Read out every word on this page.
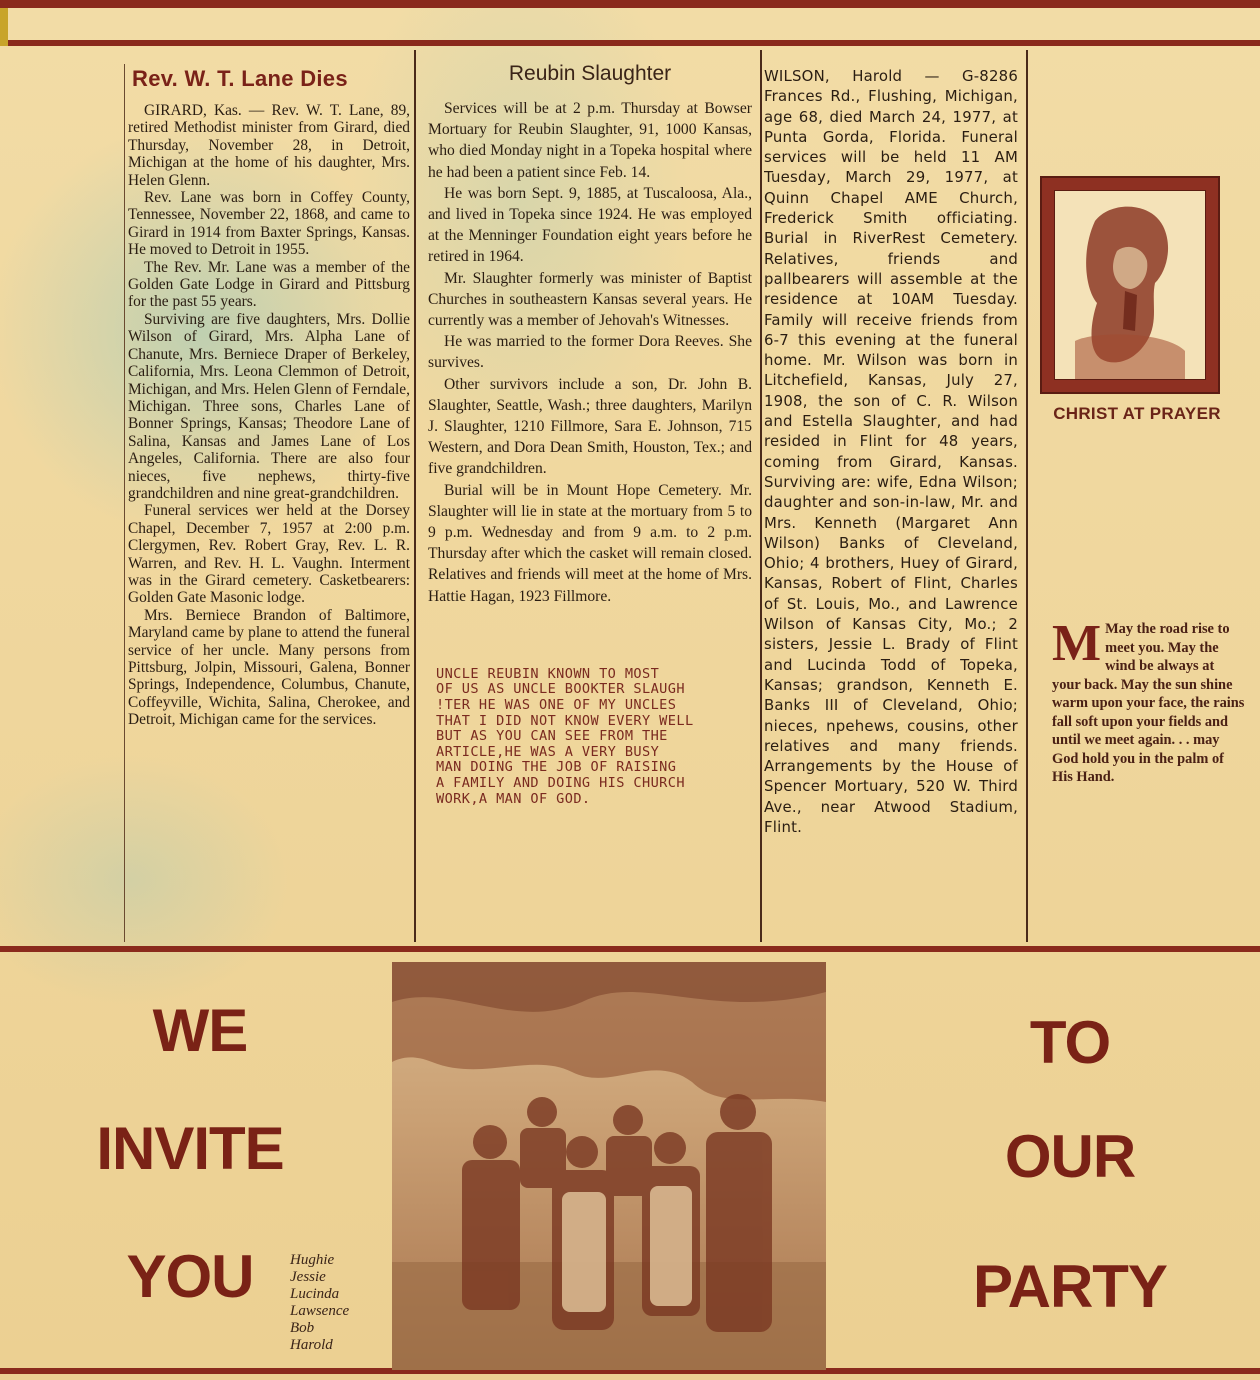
Rev. W. T. Lane Dies

GIRARD, Kas. — Rev. W. T. Lane, 89, retired Methodist minister from Girard, died Thursday, November 28, in Detroit, Michigan at the home of his daughter, Mrs. Helen Glenn.

Rev. Lane was born in Coffey County, Tennessee, November 22, 1868, and came to Girard in 1914 from Baxter Springs, Kansas. He moved to Detroit in 1955.

The Rev. Mr. Lane was a member of the Golden Gate Lodge in Girard and Pittsburg for the past 55 years.

Surviving are five daughters, Mrs. Dollie Wilson of Girard, Mrs. Alpha Lane of Chanute, Mrs. Berniece Draper of Berkeley, California, Mrs. Leona Clemmon of Detroit, Michigan, and Mrs. Helen Glenn of Ferndale, Michigan. Three sons, Charles Lane of Bonner Springs, Kansas; Theodore Lane of Salina, Kansas and James Lane of Los Angeles, California. There are also four nieces, five nephews, thirty-five grandchildren and nine great-grandchildren.

Funeral services wer held at the Dorsey Chapel, December 7, 1957 at 2:00 p.m. Clergymen, Rev. Robert Gray, Rev. L. R. Warren, and Rev. H. L. Vaughn. Interment was in the Girard cemetery. Casketbearers: Golden Gate Masonic lodge.

Mrs. Berniece Brandon of Baltimore, Maryland came by plane to attend the funeral service of her uncle. Many persons from Pittsburg, Jolpin, Missouri, Galena, Bonner Springs, Independence, Columbus, Chanute, Coffeyville, Wichita, Salina, Cherokee, and Detroit, Michigan came for the services.

Reubin Slaughter

Services will be at 2 p.m. Thursday at Bowser Mortuary for Reubin Slaughter, 91, 1000 Kansas, who died Monday night in a Topeka hospital where he had been a patient since Feb. 14.

He was born Sept. 9, 1885, at Tuscaloosa, Ala., and lived in Topeka since 1924. He was employed at the Menninger Foundation eight years before he retired in 1964.

Mr. Slaughter formerly was minister of Baptist Churches in southeastern Kansas several years. He currently was a member of Jehovah's Witnesses.

He was married to the former Dora Reeves. She survives.

Other survivors include a son, Dr. John B. Slaughter, Seattle, Wash.; three daughters, Marilyn J. Slaughter, 1210 Fillmore, Sara E. Johnson, 715 Western, and Dora Dean Smith, Houston, Tex.; and five grandchildren.

Burial will be in Mount Hope Cemetery. Mr. Slaughter will lie in state at the mortuary from 5 to 9 p.m. Wednesday and from 9 a.m. to 2 p.m. Thursday after which the casket will remain closed. Relatives and friends will meet at the home of Mrs. Hattie Hagan, 1923 Fillmore.

UNCLE REUBIN KNOWN TO MOST
OF US AS UNCLE BOOKTER SLAUGH
!TER HE WAS ONE OF MY UNCLES
THAT I DID NOT KNOW EVERY WELL
BUT AS YOU CAN SEE FROM THE
ARTICLE,HE WAS A VERY BUSY
MAN DOING THE JOB OF RAISING
A FAMILY AND DOING HIS CHURCH
WORK,A MAN OF GOD.
WILSON, Harold — G-8286 Frances Rd., Flushing, Michigan, age 68, died March 24, 1977, at Punta Gorda, Florida. Funeral services will be held 11 AM Tuesday, March 29, 1977, at Quinn Chapel AME Church, Frederick Smith officiating. Burial in RiverRest Cemetery. Relatives, friends and pallbearers will assemble at the residence at 10AM Tuesday. Family will receive friends from 6-7 this evening at the funeral home. Mr. Wilson was born in Litchefield, Kansas, July 27, 1908, the son of C. R. Wilson and Estella Slaughter, and had resided in Flint for 48 years, coming from Girard, Kansas. Surviving are: wife, Edna Wilson; daughter and son-in-law, Mr. and Mrs. Kenneth (Margaret Ann Wilson) Banks of Cleveland, Ohio; 4 brothers, Huey of Girard, Kansas, Robert of Flint, Charles of St. Louis, Mo., and Lawrence Wilson of Kansas City, Mo.; 2 sisters, Jessie L. Brady of Flint and Lucinda Todd of Topeka, Kansas; grandson, Kenneth E. Banks III of Cleveland, Ohio; nieces, npehews, cousins, other relatives and many friends. Arrangements by the House of Spencer Mortuary, 520 W. Third Ave., near Atwood Stadium, Flint.
CHRIST AT PRAYER
M May the road rise to meet you. May the wind be always at your back. May the sun shine warm upon your face, the rains fall soft upon your fields and until we meet again. . . may God hold you in the palm of His Hand.
WE
INVITE
YOU
TO
OUR
PARTY
Hughie
Jessie
Lucinda
Lawsence
Bob
Harold
